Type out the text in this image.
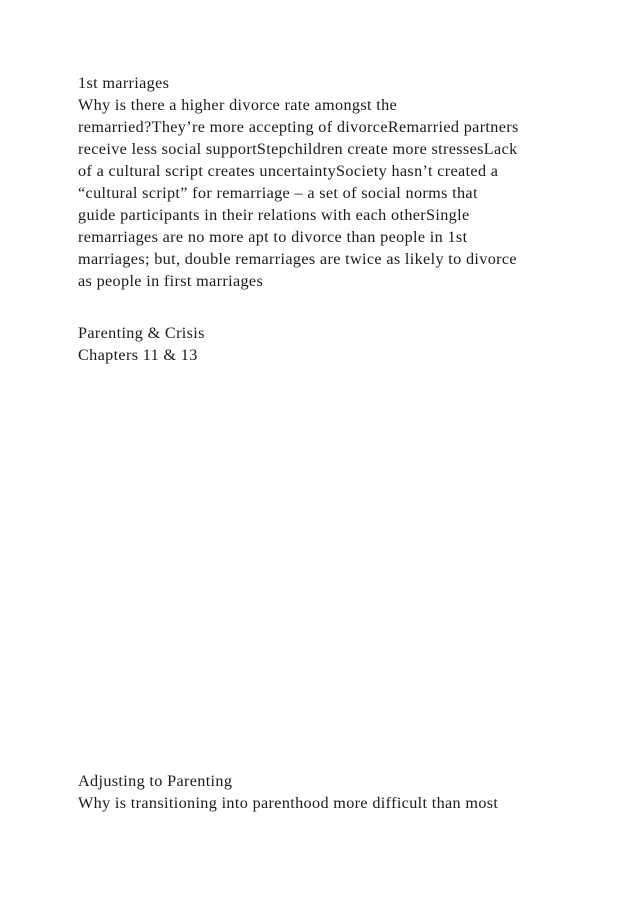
1st marriages

Why is there a higher divorce rate amongst the

remarried?They’re more accepting of divorceRemarried partners

receive less social supportStepchildren create more stressesLack

of a cultural script creates uncertaintySociety hasn’t created a

“cultural script” for remarriage – a set of social norms that

guide participants in their relations with each otherSingle

remarriages are no more apt to divorce than people in 1st

marriages; but, double remarriages are twice as likely to divorce

as people in first marriages

Parenting & Crisis

Chapters 11 & 13

Adjusting to Parenting

Why is transitioning into parenthood more difficult than most
